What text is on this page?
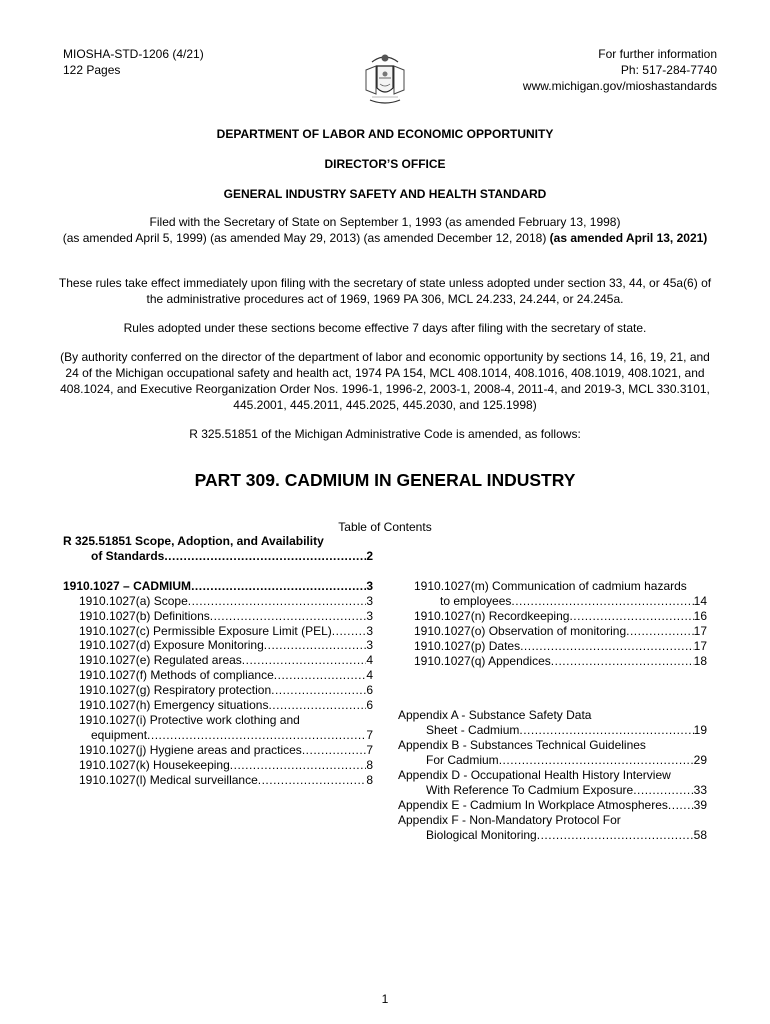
MIOSHA-STD-1206 (4/21)
122 Pages
For further information
Ph: 517-284-7740
www.michigan.gov/mioshastandards
DEPARTMENT OF LABOR AND ECONOMIC OPPORTUNITY
DIRECTOR’S OFFICE
GENERAL INDUSTRY SAFETY AND HEALTH STANDARD
Filed with the Secretary of State on September 1, 1993 (as amended February 13, 1998)
(as amended April 5, 1999) (as amended May 29, 2013) (as amended December 12, 2018) (as amended April 13, 2021)
These rules take effect immediately upon filing with the secretary of state unless adopted under section 33, 44, or 45a(6) of the administrative procedures act of 1969, 1969 PA 306, MCL 24.233, 24.244, or 24.245a.
Rules adopted under these sections become effective 7 days after filing with the secretary of state.
(By authority conferred on the director of the department of labor and economic opportunity by sections 14, 16, 19, 21, and 24 of the Michigan occupational safety and health act, 1974 PA 154, MCL 408.1014, 408.1016, 408.1019, 408.1021, and 408.1024, and Executive Reorganization Order Nos. 1996-1, 1996-2, 2003-1, 2008-4, 2011-4, and 2019-3, MCL 330.3101, 445.2001, 445.2011, 445.2025, 445.2030, and 125.1998)
R 325.51851 of the Michigan Administrative Code is amended, as follows:
PART 309. CADMIUM IN GENERAL INDUSTRY
Table of Contents
R 325.51851 Scope, Adoption, and Availability
of Standards .....	2
1910.1027 – CADMIUM .....	3
1910.1027(a) Scope .....	3
1910.1027(b) Definitions .....	3
1910.1027(c) Permissible Exposure Limit (PEL) .....	3
1910.1027(d) Exposure Monitoring .....	3
1910.1027(e) Regulated areas .....	4
1910.1027(f) Methods of compliance .....	4
1910.1027(g) Respiratory protection .....	6
1910.1027(h) Emergency situations .....	6
1910.1027(i) Protective work clothing and
equipment .....	7
1910.1027(j) Hygiene areas and practices .....	7
1910.1027(k) Housekeeping .....	8
1910.1027(l) Medical surveillance .....	8
1910.1027(m) Communication of cadmium hazards
to employees .....	14
1910.1027(n) Recordkeeping .....	16
1910.1027(o) Observation of monitoring .....	17
1910.1027(p) Dates .....	17
1910.1027(q) Appendices .....	18
Appendix A - Substance Safety Data
Sheet - Cadmium .....	19
Appendix B - Substances Technical Guidelines
For Cadmium .....	29
Appendix D - Occupational Health History Interview
With Reference To Cadmium Exposure .....	33
Appendix E - Cadmium In Workplace Atmospheres ..... 39
Appendix F - Non-Mandatory Protocol For
Biological Monitoring .....	58
1
